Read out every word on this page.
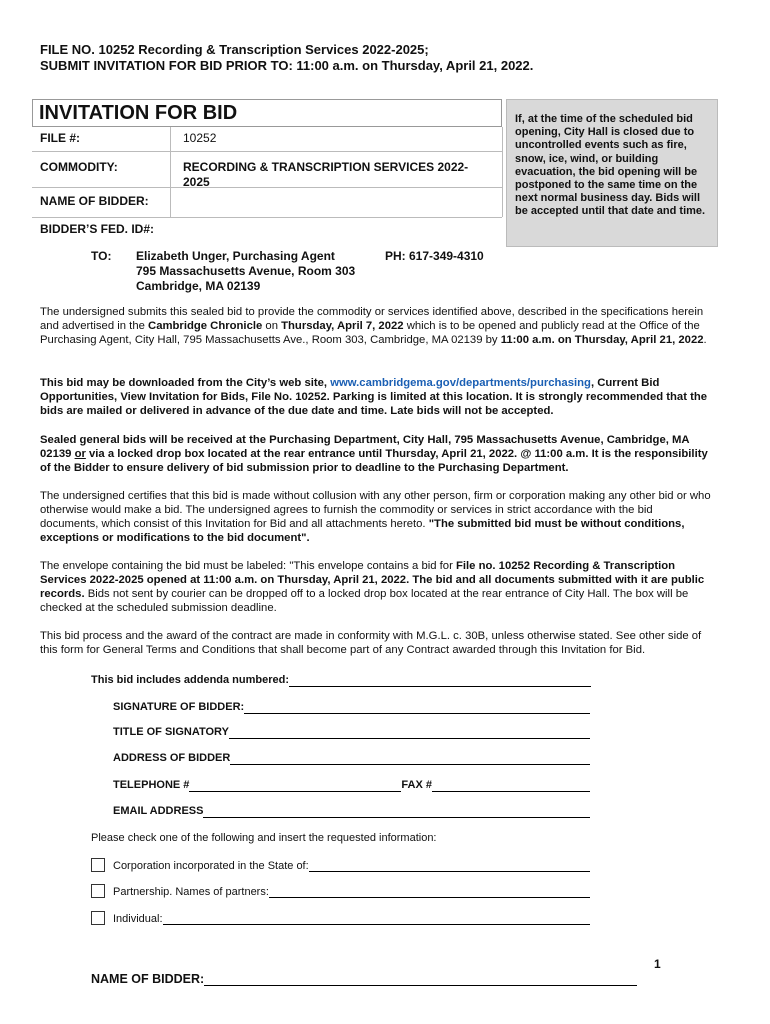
FILE NO. 10252 Recording & Transcription Services 2022-2025;
SUBMIT INVITATION FOR BID PRIOR TO: 11:00 a.m. on Thursday, April 21, 2022.
INVITATION FOR BID
FILE #:	10252
COMMODITY:	RECORDING & TRANSCRIPTION SERVICES 2022-
2025
NAME OF BIDDER:
BIDDER’S FED. ID#:
If, at the time of the scheduled bid
opening, City Hall is closed due to
uncontrolled events such as fire,
snow, ice, wind, or building
evacuation, the bid opening will be
postponed to the same time on the
next normal business day. Bids will
be accepted until that date and time.
TO: Elizabeth Unger, Purchasing Agent
795 Massachusetts Avenue, Room 303
Cambridge, MA 02139
PH: 617-349-4310
The undersigned submits this sealed bid to provide the commodity or services identified above, described in the specifications herein and advertised in the Cambridge Chronicle on Thursday, April 7, 2022 which is to be opened and publicly read at the Office of the Purchasing Agent, City Hall, 795 Massachusetts Ave., Room 303, Cambridge, MA 02139 by 11:00 a.m. on Thursday, April 21, 2022.
This bid may be downloaded from the City’s web site, www.cambridgema.gov/departments/purchasing, Current Bid Opportunities, View Invitation for Bids, File No. 10252. Parking is limited at this location. It is strongly recommended that the bids are mailed or delivered in advance of the due date and time. Late bids will not be accepted.
Sealed general bids will be received at the Purchasing Department, City Hall, 795 Massachusetts Avenue, Cambridge, MA 02139 or via a locked drop box located at the rear entrance until Thursday, April 21, 2022. @ 11:00 a.m. It is the responsibility of the Bidder to ensure delivery of bid submission prior to deadline to the Purchasing Department.
The undersigned certifies that this bid is made without collusion with any other person, firm or corporation making any other bid or who otherwise would make a bid. The undersigned agrees to furnish the commodity or services in strict accordance with the bid documents, which consist of this Invitation for Bid and all attachments hereto. "The submitted bid must be without conditions, exceptions or modifications to the bid document".
The envelope containing the bid must be labeled: "This envelope contains a bid for File no. 10252 Recording & Transcription Services 2022-2025 opened at 11:00 a.m. on Thursday, April 21, 2022. The bid and all documents submitted with it are public records. Bids not sent by courier can be dropped off to a locked drop box located at the rear entrance of City Hall. The box will be checked at the scheduled submission deadline.
This bid process and the award of the contract are made in conformity with M.G.L. c. 30B, unless otherwise stated. See other side of this form for General Terms and Conditions that shall become part of any Contract awarded through this Invitation for Bid.
This bid includes addenda numbered:
SIGNATURE OF BIDDER:
TITLE OF SIGNATORY
ADDRESS OF BIDDER
TELEPHONE #	FAX #
EMAIL ADDRESS
Please check one of the following and insert the requested information:
Corporation incorporated in the State of:
Partnership. Names of partners:
Individual:
1
NAME OF BIDDER:
